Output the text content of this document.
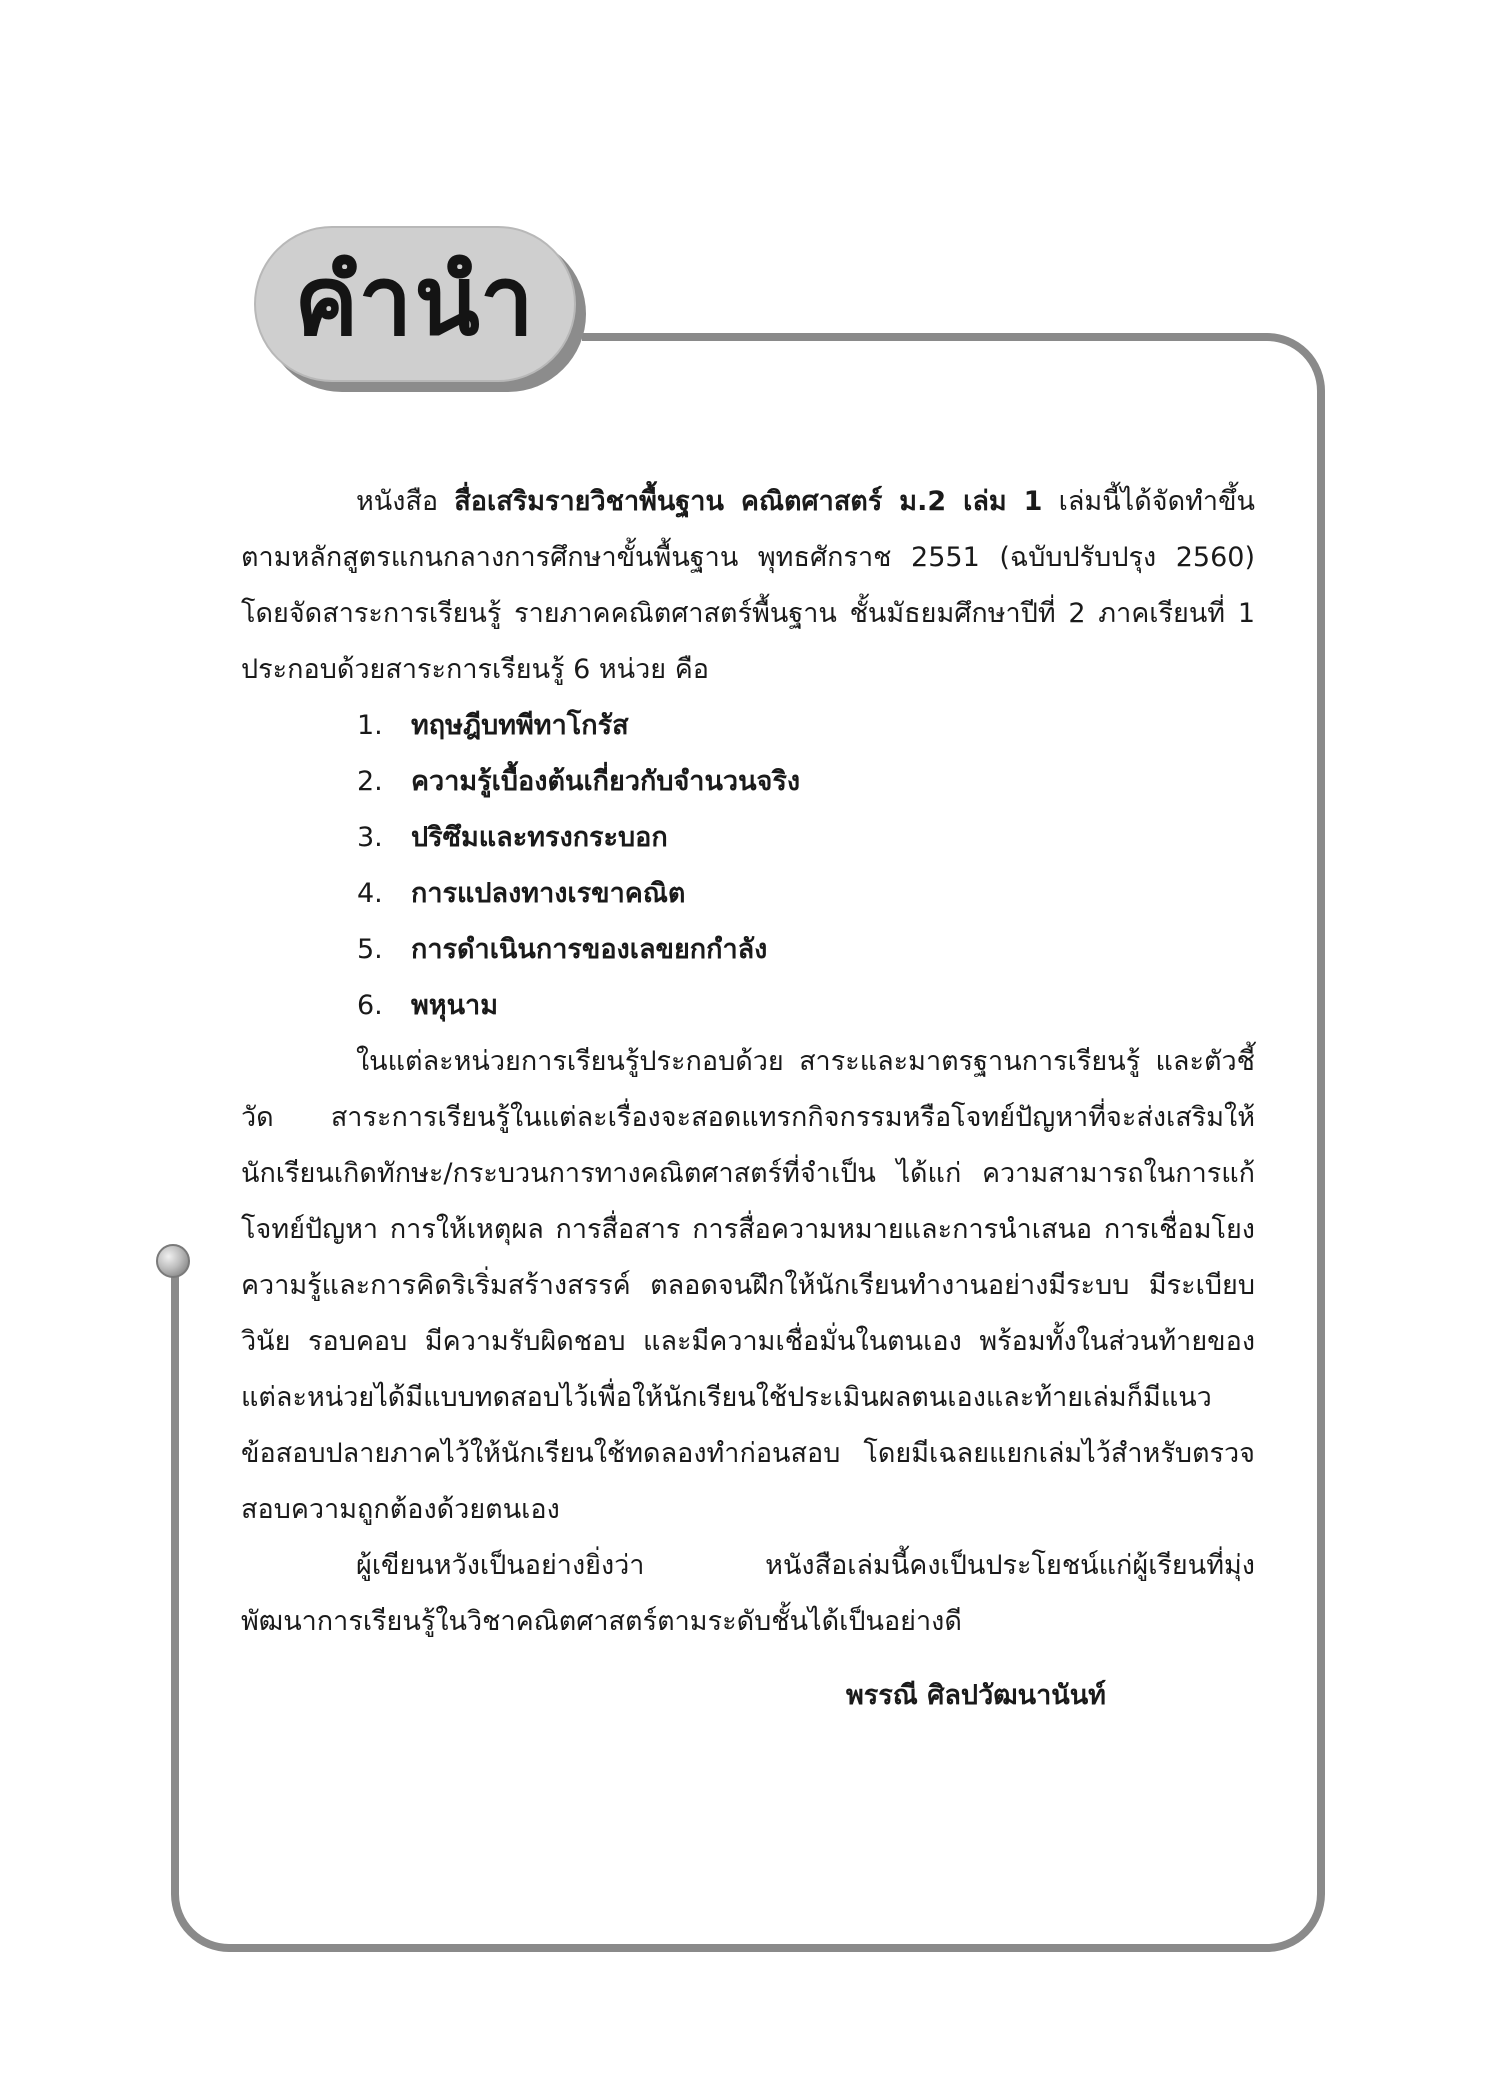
คำนำ

หนังสือ สื่อเสริมรายวิชาพื้นฐาน คณิตศาสตร์ ม.2 เล่ม 1 เล่มนี้ได้จัดทำขึ้นตามหลักสูตรแกนกลางการศึกษาขั้นพื้นฐาน พุทธศักราช 2551 (ฉบับปรับปรุง 2560) โดยจัดสาระการเรียนรู้ รายภาคคณิตศาสตร์พื้นฐาน ชั้นมัธยมศึกษาปีที่ 2 ภาคเรียนที่ 1 ประกอบด้วยสาระการเรียนรู้ 6 หน่วย คือ

1.	ทฤษฎีบทพีทาโกรัส
2.	ความรู้เบื้องต้นเกี่ยวกับจำนวนจริง
3.	ปริซึมและทรงกระบอก
4.	การแปลงทางเรขาคณิต
5.	การดำเนินการของเลขยกกำลัง
6.	พหุนาม

ในแต่ละหน่วยการเรียนรู้ประกอบด้วย สาระและมาตรฐานการเรียนรู้ และตัวชี้วัด สาระการเรียนรู้ในแต่ละเรื่องจะสอดแทรกกิจกรรมหรือโจทย์ปัญหาที่จะส่งเสริมให้นักเรียนเกิดทักษะ/กระบวนการทางคณิตศาสตร์ที่จำเป็น ได้แก่ ความสามารถในการแก้โจทย์ปัญหา การให้เหตุผล การสื่อสาร การสื่อความหมายและการนำเสนอ การเชื่อมโยงความรู้และการคิดริเริ่มสร้างสรรค์ ตลอดจนฝึกให้นักเรียนทำงานอย่างมีระบบ มีระเบียบวินัย รอบคอบ มีความรับผิดชอบ และมีความเชื่อมั่นในตนเอง พร้อมทั้งในส่วนท้ายของแต่ละหน่วยได้มีแบบทดสอบไว้เพื่อให้นักเรียนใช้ประเมินผลตนเองและท้ายเล่มก็มีแนวข้อสอบปลายภาคไว้ให้นักเรียนใช้ทดลองทำก่อนสอบ โดยมีเฉลยแยกเล่มไว้สำหรับตรวจสอบความถูกต้องด้วยตนเอง

ผู้เขียนหวังเป็นอย่างยิ่งว่า หนังสือเล่มนี้คงเป็นประโยชน์แก่ผู้เรียนที่มุ่งพัฒนาการเรียนรู้ในวิชาคณิตศาสตร์ตามระดับชั้นได้เป็นอย่างดี

พรรณี ศิลปวัฒนานันท์
